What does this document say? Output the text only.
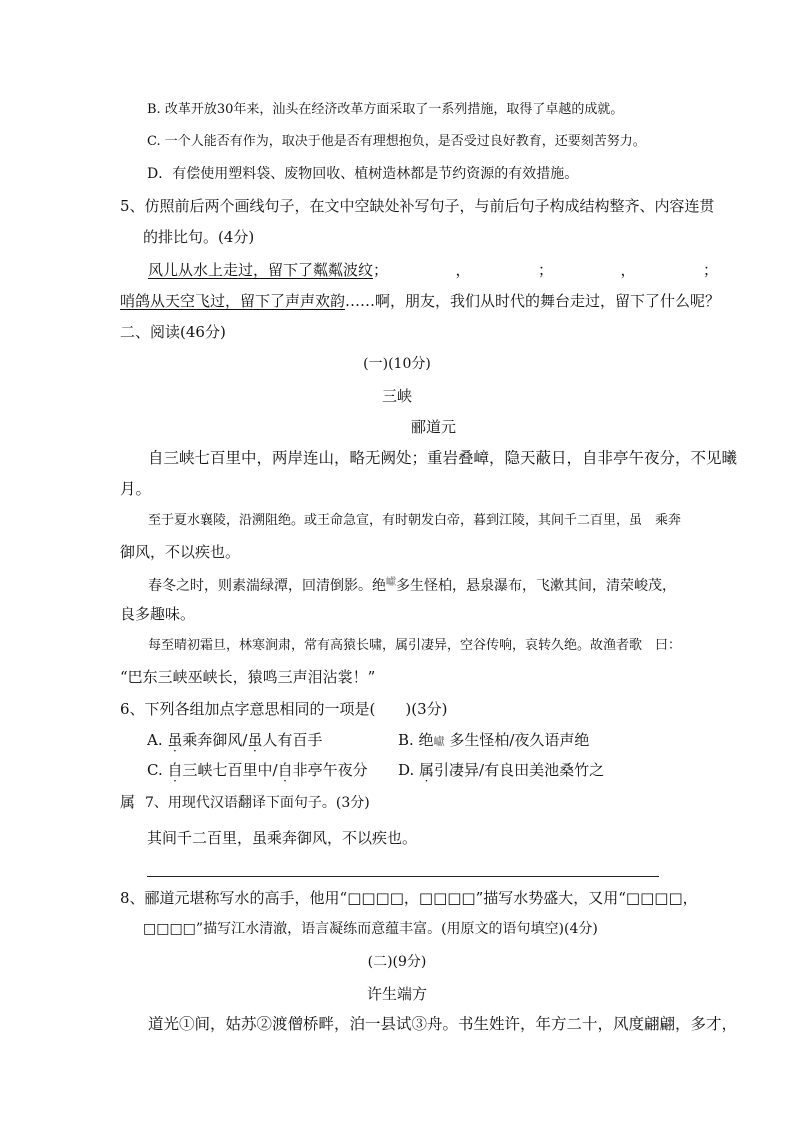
B. 改革开放30年来，汕头在经济改革方面采取了一系列措施，取得了卓越的成就。
C. 一个人能否有作为，取决于他是否有理想抱负，是否受过良好教育，还要刻苦努力。
D．有偿使用塑料袋、废物回收、植树造林都是节约资源的有效措施。
5、仿照前后两个画线句子，在文中空缺处补写句子，与前后句子构成结构整齐、内容连贯
的排比句。(4分)
风儿从水上走过，留下了粼粼波纹；　　　　　，　　　　　；　　　　　，　　　　　；
哨鸽从天空飞过，留下了声声欢韵……啊，朋友，我们从时代的舞台走过，留下了什么呢？
二、阅读(46分)
(一)(10分)
三峡
郦道元
自三峡七百里中，两岸连山，略无阙处；重岩叠嶂，隐天蔽日，自非亭午夜分，不见曦
月。
至于夏水襄陵，沿溯阻绝。或王命急宣，有时朝发白帝，暮到江陵，其间千二百里，虽　乘奔
御风，不以疾也。
春冬之时，则素湍绿潭，回清倒影。绝$^巘$多生怪柏，悬泉瀑布，飞漱其间，清荣峻茂，
良多趣味。
每至晴初霜旦，林寒涧肃，常有高猿长啸，属引凄异，空谷传响，哀转久绝。故渔者歌　曰：
“巴东三峡巫峡长，猿鸣三声泪沾裳！”
6、下列各组加点字意思相同的一项是(　　)(3分)
A. 虽乘奔御风/虽人有百手	B. 绝巘 多生怪柏/夜久语声绝
C. 自三峡七百里中/自非亭午夜分 D. 属引凄异/有良田美池桑竹之
属 7、用现代汉语翻译下面句子。(3分)
其间千二百里，虽乘奔御风，不以疾也。
8、郦道元堪称写水的高手，他用“□□□□，□□□□”描写水势盛大，又用“□□□□，
□□□□”描写江水清澈，语言凝练而意蕴丰富。(用原文的语句填空)(4分)
(二)(9分)
许生端方
道光①间，姑苏②渡僧桥畔，泊一县试③舟。书生姓许，年方二十，风度翩翩，多才，
